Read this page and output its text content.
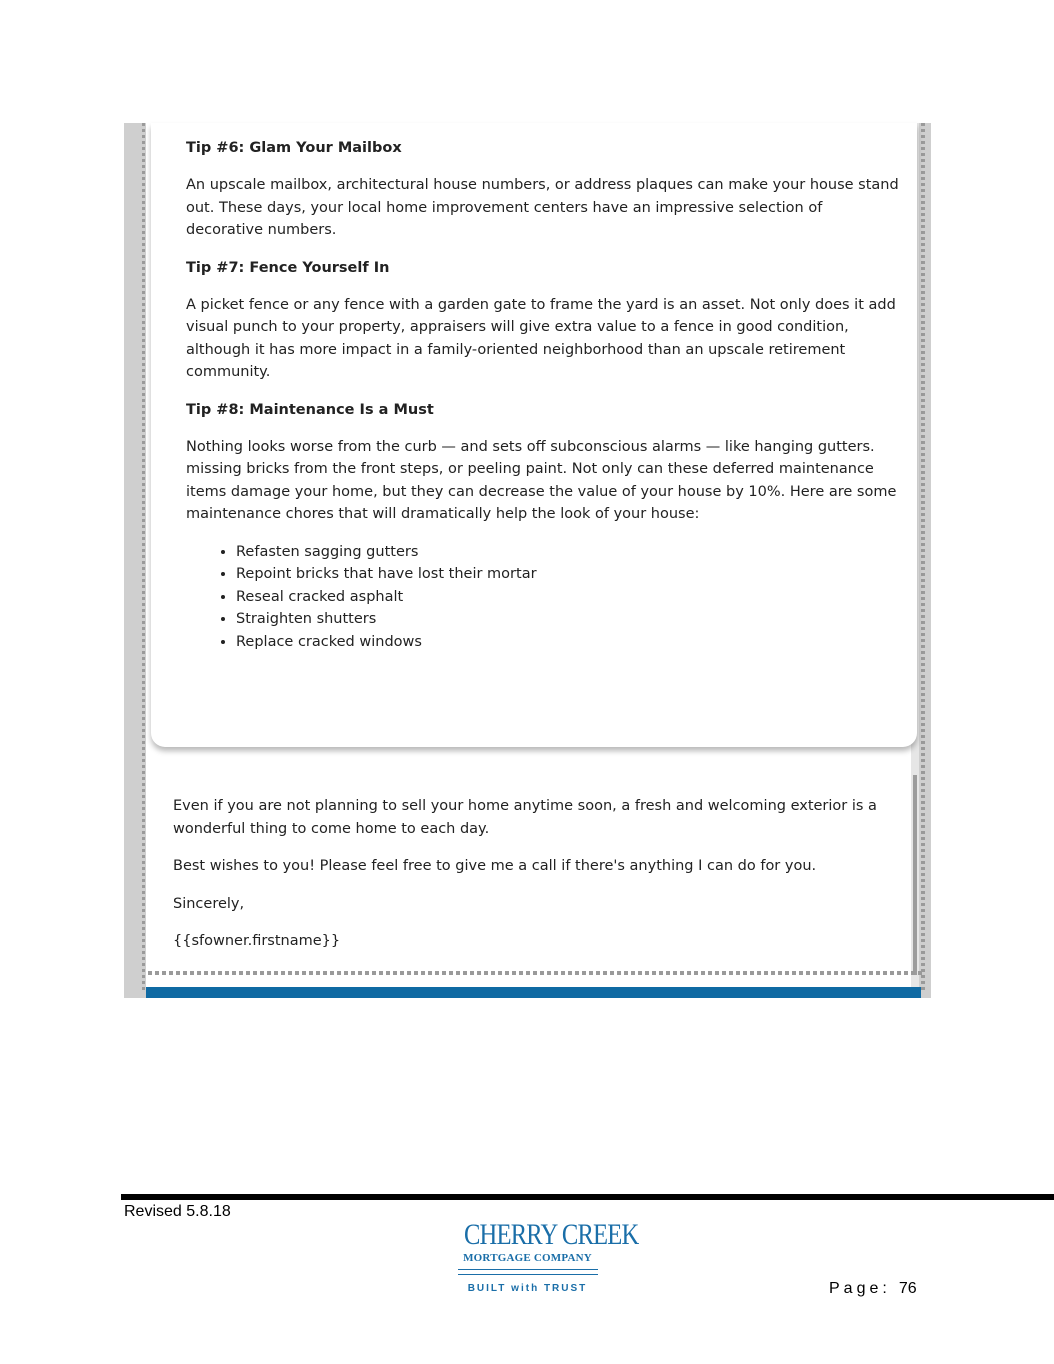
Tip #6: Glam Your Mailbox

An upscale mailbox, architectural house numbers, or address plaques can make your house stand out. These days, your local home improvement centers have an impressive selection of decorative numbers.

Tip #7: Fence Yourself In

A picket fence or any fence with a garden gate to frame the yard is an asset. Not only does it add visual punch to your property, appraisers will give extra value to a fence in good condition, although it has more impact in a family-oriented neighborhood than an upscale retirement community.

Tip #8: Maintenance Is a Must

Nothing looks worse from the curb — and sets off subconscious alarms — like hanging gutters. missing bricks from the front steps, or peeling paint. Not only can these deferred maintenance items damage your home, but they can decrease the value of your house by 10%. Here are some maintenance chores that will dramatically help the look of your house:

• Refasten sagging gutters
• Repoint bricks that have lost their mortar
• Reseal cracked asphalt
• Straighten shutters
• Replace cracked windows

Even if you are not planning to sell your home anytime soon, a fresh and welcoming exterior is a wonderful thing to come home to each day.

Best wishes to you! Please feel free to give me a call if there's anything I can do for you.

Sincerely,

{{sfowner.firstname}}

Revised 5.8.18
CHERRY CREEK
MORTGAGE COMPANY
BUILT with TRUST	Page: 76
